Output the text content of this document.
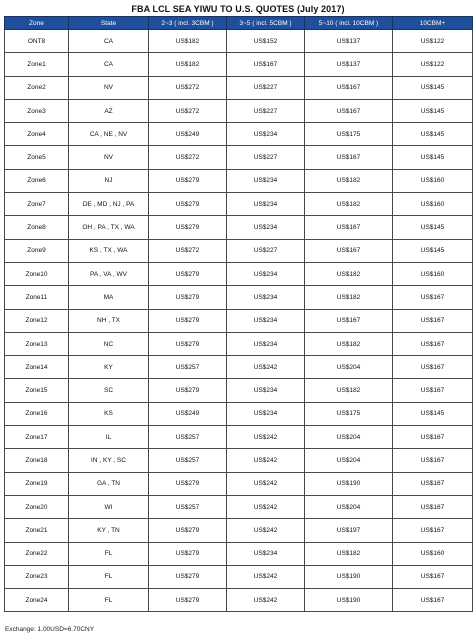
FBA LCL SEA YIWU TO U.S. QUOTES (July 2017)
Zone	State	2~3 ( incl. 3CBM )	3~5 ( incl. 5CBM )	5~10 ( incl. 10CBM )	10CBM+
ONT8	CA	US$182	US$152	US$137	US$122
Zone1	CA	US$182	US$167	US$137	US$122
Zone2	NV	US$272	US$227	US$167	US$145
Zone3	AZ	US$272	US$227	US$167	US$145
Zone4	CA , NE , NV	US$249	US$234	US$175	US$145
Zone5	NV	US$272	US$227	US$167	US$145
Zone6	NJ	US$279	US$234	US$182	US$160
Zone7	DE , MD , NJ , PA	US$279	US$234	US$182	US$160
Zone8	OH , PA , TX , WA	US$279	US$234	US$167	US$145
Zone9	KS , TX , WA	US$272	US$227	US$167	US$145
Zone10	PA , VA , WV	US$279	US$234	US$182	US$160
Zone11	MA	US$279	US$234	US$182	US$167
Zone12	NH , TX	US$279	US$234	US$167	US$167
Zone13	NC	US$279	US$234	US$182	US$167
Zone14	KY	US$257	US$242	US$204	US$167
Zone15	SC	US$279	US$234	US$182	US$167
Zone16	KS	US$249	US$234	US$175	US$145
Zone17	IL	US$257	US$242	US$204	US$167
Zone18	IN , KY , SC	US$257	US$242	US$204	US$167
Zone19	GA , TN	US$279	US$242	US$190	US$167
Zone20	WI	US$257	US$242	US$204	US$167
Zone21	KY , TN	US$279	US$242	US$197	US$167
Zone22	FL	US$279	US$234	US$182	US$160
Zone23	FL	US$279	US$242	US$190	US$167
Zone24	FL	US$279	US$242	US$190	US$167
Exchange: 1.00USD=6.70CNY
